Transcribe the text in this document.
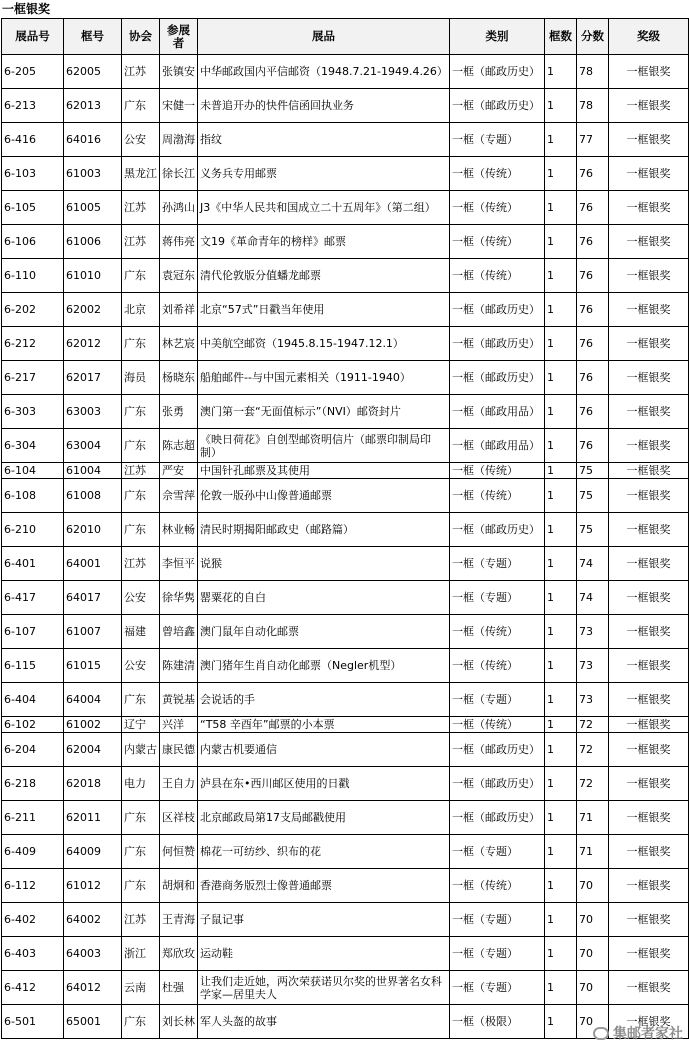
一框银奖
展品号	框号	协会	参展者	展品	类别	框数	分数	奖级
6-205	62005	江苏	张镇安	中华邮政国内平信邮资（1948.7.21-1949.4.26）	一框（邮政历史）	1	78	一框银奖
6-213	62013	广东	宋健一	未普追开办的快件信函回执业务	一框（邮政历史）	1	78	一框银奖
6-416	64016	公安	周渤海	指纹	一框（专题）	1	77	一框银奖
6-103	61003	黑龙江	徐长江	义务兵专用邮票	一框（传统）	1	76	一框银奖
6-105	61005	江苏	孙鸿山	J3《中华人民共和国成立二十五周年》（第二组）	一框（传统）	1	76	一框银奖
6-106	61006	江苏	蒋伟亮	文19《革命青年的榜样》邮票	一框（传统）	1	76	一框银奖
6-110	61010	广东	袁冠东	清代伦敦版分值蟠龙邮票	一框（传统）	1	76	一框银奖
6-202	62002	北京	刘希祥	北京“57式”日戳当年使用	一框（邮政历史）	1	76	一框银奖
6-212	62012	广东	林艺宸	中美航空邮资（1945.8.15-1947.12.1）	一框（邮政历史）	1	76	一框银奖
6-217	62017	海员	杨晓东	船舶邮件--与中国元素相关（1911-1940）	一框（邮政历史）	1	76	一框银奖
6-303	63003	广东	张勇	澳门第一套“无面值标示”（NVI）邮资封片	一框（邮政用品）	1	76	一框银奖
6-304	63004	广东	陈志超	《映日荷花》自创型邮资明信片（邮票印制局印制）	一框（邮政用品）	1	76	一框银奖
6-104	61004	江苏	严安	中国针孔邮票及其使用	一框（传统）	1	75	一框银奖
6-108	61008	广东	佘雪萍	伦敦一版孙中山像普通邮票	一框（传统）	1	75	一框银奖
6-210	62010	广东	林业畅	清民时期揭阳邮政史（邮路篇）	一框（邮政历史）	1	75	一框银奖
6-401	64001	江苏	李恒平	说猴	一框（专题）	1	74	一框银奖
6-417	64017	公安	徐华隽	罂粟花的自白	一框（专题）	1	74	一框银奖
6-107	61007	福建	曾培鑫	澳门鼠年自动化邮票	一框（传统）	1	73	一框银奖
6-115	61015	公安	陈建清	澳门猪年生肖自动化邮票（Negler机型）	一框（传统）	1	73	一框银奖
6-404	64004	广东	黄锐基	会说话的手	一框（专题）	1	73	一框银奖
6-102	61002	辽宁	兴洋	“T58 辛酉年”邮票的小本票	一框（传统）	1	72	一框银奖
6-204	62004	内蒙古	康民德	内蒙古机要通信	一框（邮政历史）	1	72	一框银奖
6-218	62018	电力	王自力	泸县在东•西川邮区使用的日戳	一框（邮政历史）	1	72	一框银奖
6-211	62011	广东	区祥枝	北京邮政局第17支局邮戳使用	一框（邮政历史）	1	71	一框银奖
6-409	64009	广东	何恒赞	棉花一可纺纱、织布的花	一框（专题）	1	71	一框银奖
6-112	61012	广东	胡炯和	香港商务版烈士像普通邮票	一框（传统）	1	70	一框银奖
6-402	64002	江苏	王青海	子鼠记事	一框（专题）	1	70	一框银奖
6-403	64003	浙江	郑欣玫	运动鞋	一框（专题）	1	70	一框银奖
6-412	64012	云南	杜强	让我们走近她，两次荣获诺贝尔奖的世界著名女科学家—居里夫人	一框（专题）	1	70	一框银奖
6-501	65001	广东	刘长林	军人头盔的故事	一框（极限）	1	70	一框银奖
集邮者家社
